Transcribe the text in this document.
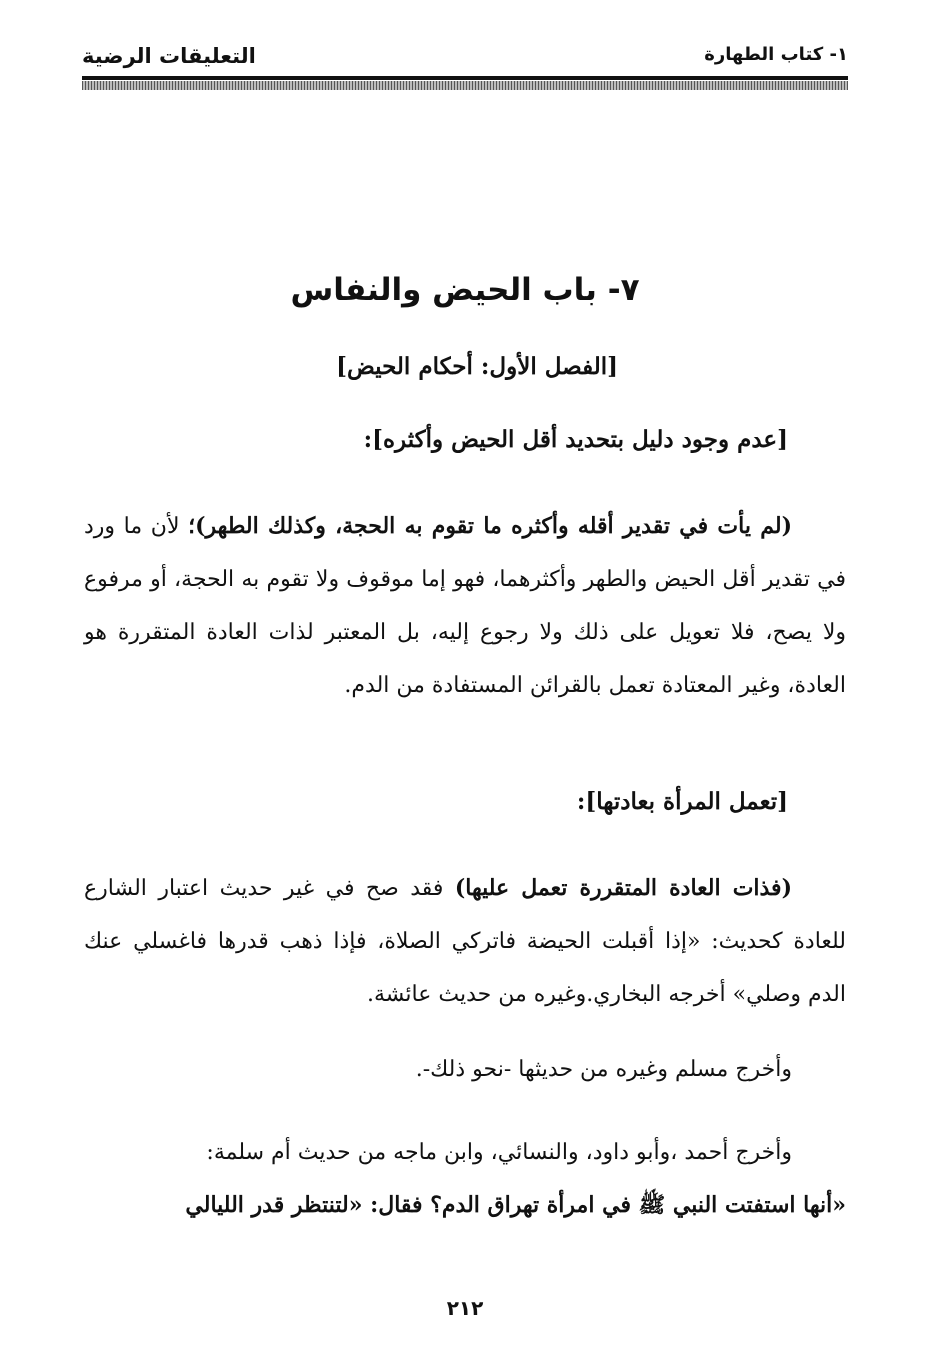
١- كتاب الطهارة
التعليقات الرضية
٧- باب الحيض والنفاس
[الفصل الأول: أحكام الحيض]
[عدم وجود دليل بتحديد أقل الحيض وأكثره]:
(لم يأت في تقدير أقله وأكثره ما تقوم به الحجة، وكذلك الطهر)؛ لأن ما ورد في تقدير أقل الحيض والطهر وأكثرهما، فهو إما موقوف ولا تقوم به الحجة، أو مرفوع ولا يصح، فلا تعويل على ذلك ولا رجوع إليه، بل المعتبر لذات العادة المتقررة هو العادة، وغير المعتادة تعمل بالقرائن المستفادة من الدم.
[تعمل المرأة بعادتها]:
(فذات العادة المتقررة تعمل عليها) فقد صح في غير حديث اعتبار الشارع للعادة كحديث: «إذا أقبلت الحيضة فاتركي الصلاة، فإذا ذهب قدرها فاغسلي عنك الدم وصلي» أخرجه البخاري.وغيره من حديث عائشة.
وأخرج مسلم وغيره من حديثها -نحو ذلك-.
وأخرج أحمد ،وأبو داود، والنسائي، وابن ماجه من حديث أم سلمة:
«أنها استفتت النبي ﷺ في امرأة تهراق الدم؟ فقال: «لتنتظر قدر الليالي
٢١٢
